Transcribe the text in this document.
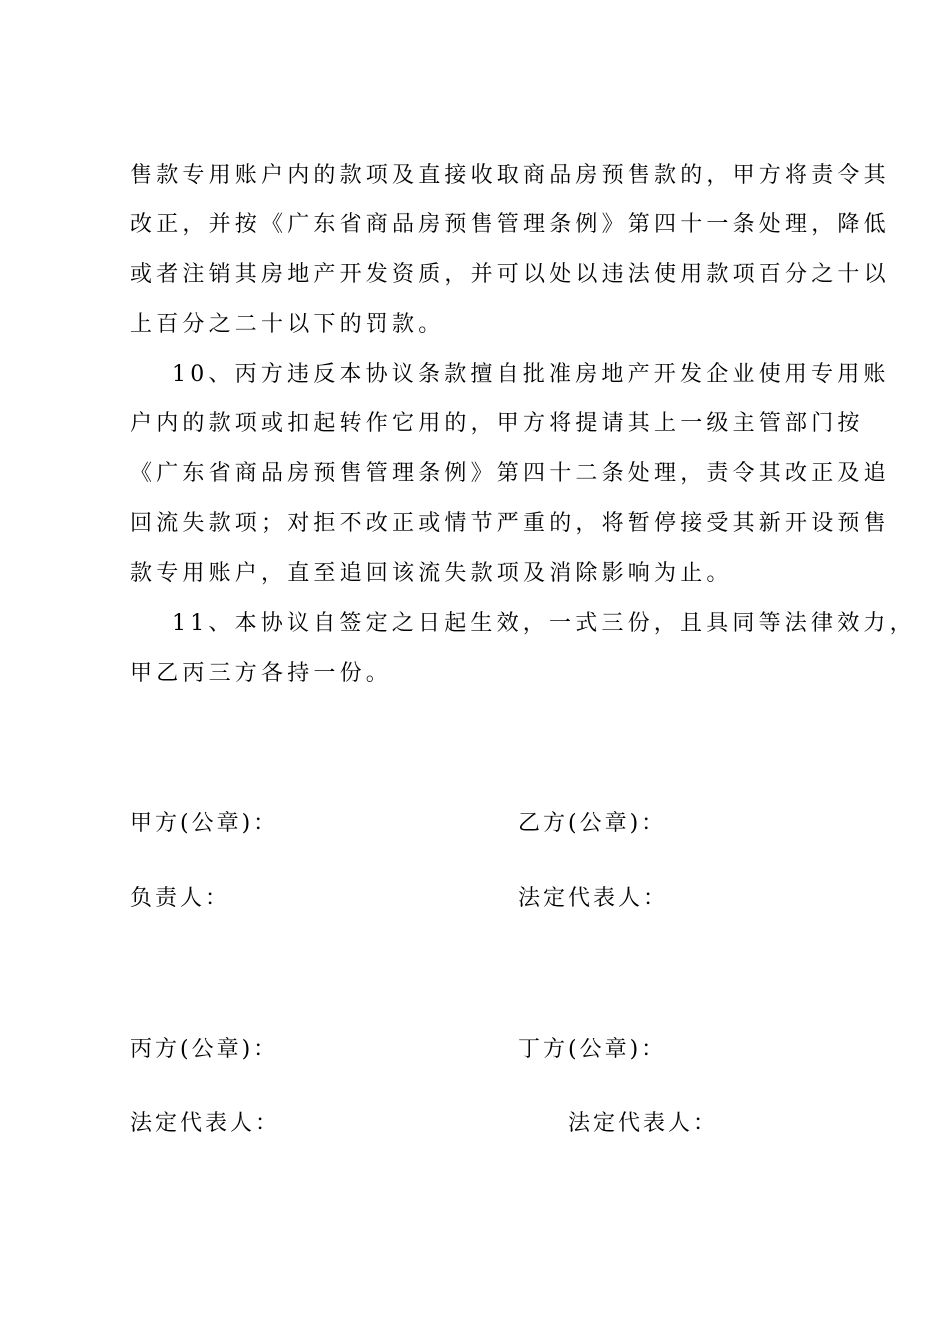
售款专用账户内的款项及直接收取商品房预售款的，甲方将责令其
改正，并按《广东省商品房预售管理条例》第四十一条处理，降低
或者注销其房地产开发资质，并可以处以违法使用款项百分之十以
上百分之二十以下的罚款。
10、丙方违反本协议条款擅自批准房地产开发企业使用专用账
户内的款项或扣起转作它用的，甲方将提请其上一级主管部门按
《广东省商品房预售管理条例》第四十二条处理，责令其改正及追
回流失款项；对拒不改正或情节严重的，将暂停接受其新开设预售
款专用账户，直至追回该流失款项及消除影响为止。
11、本协议自签定之日起生效，一式三份，且具同等法律效力，
甲乙丙三方各持一份。
甲方(公章)：	乙方(公章)：
负责人：	法定代表人：
丙方(公章)：	丁方(公章)：
法定代表人：	法定代表人：
